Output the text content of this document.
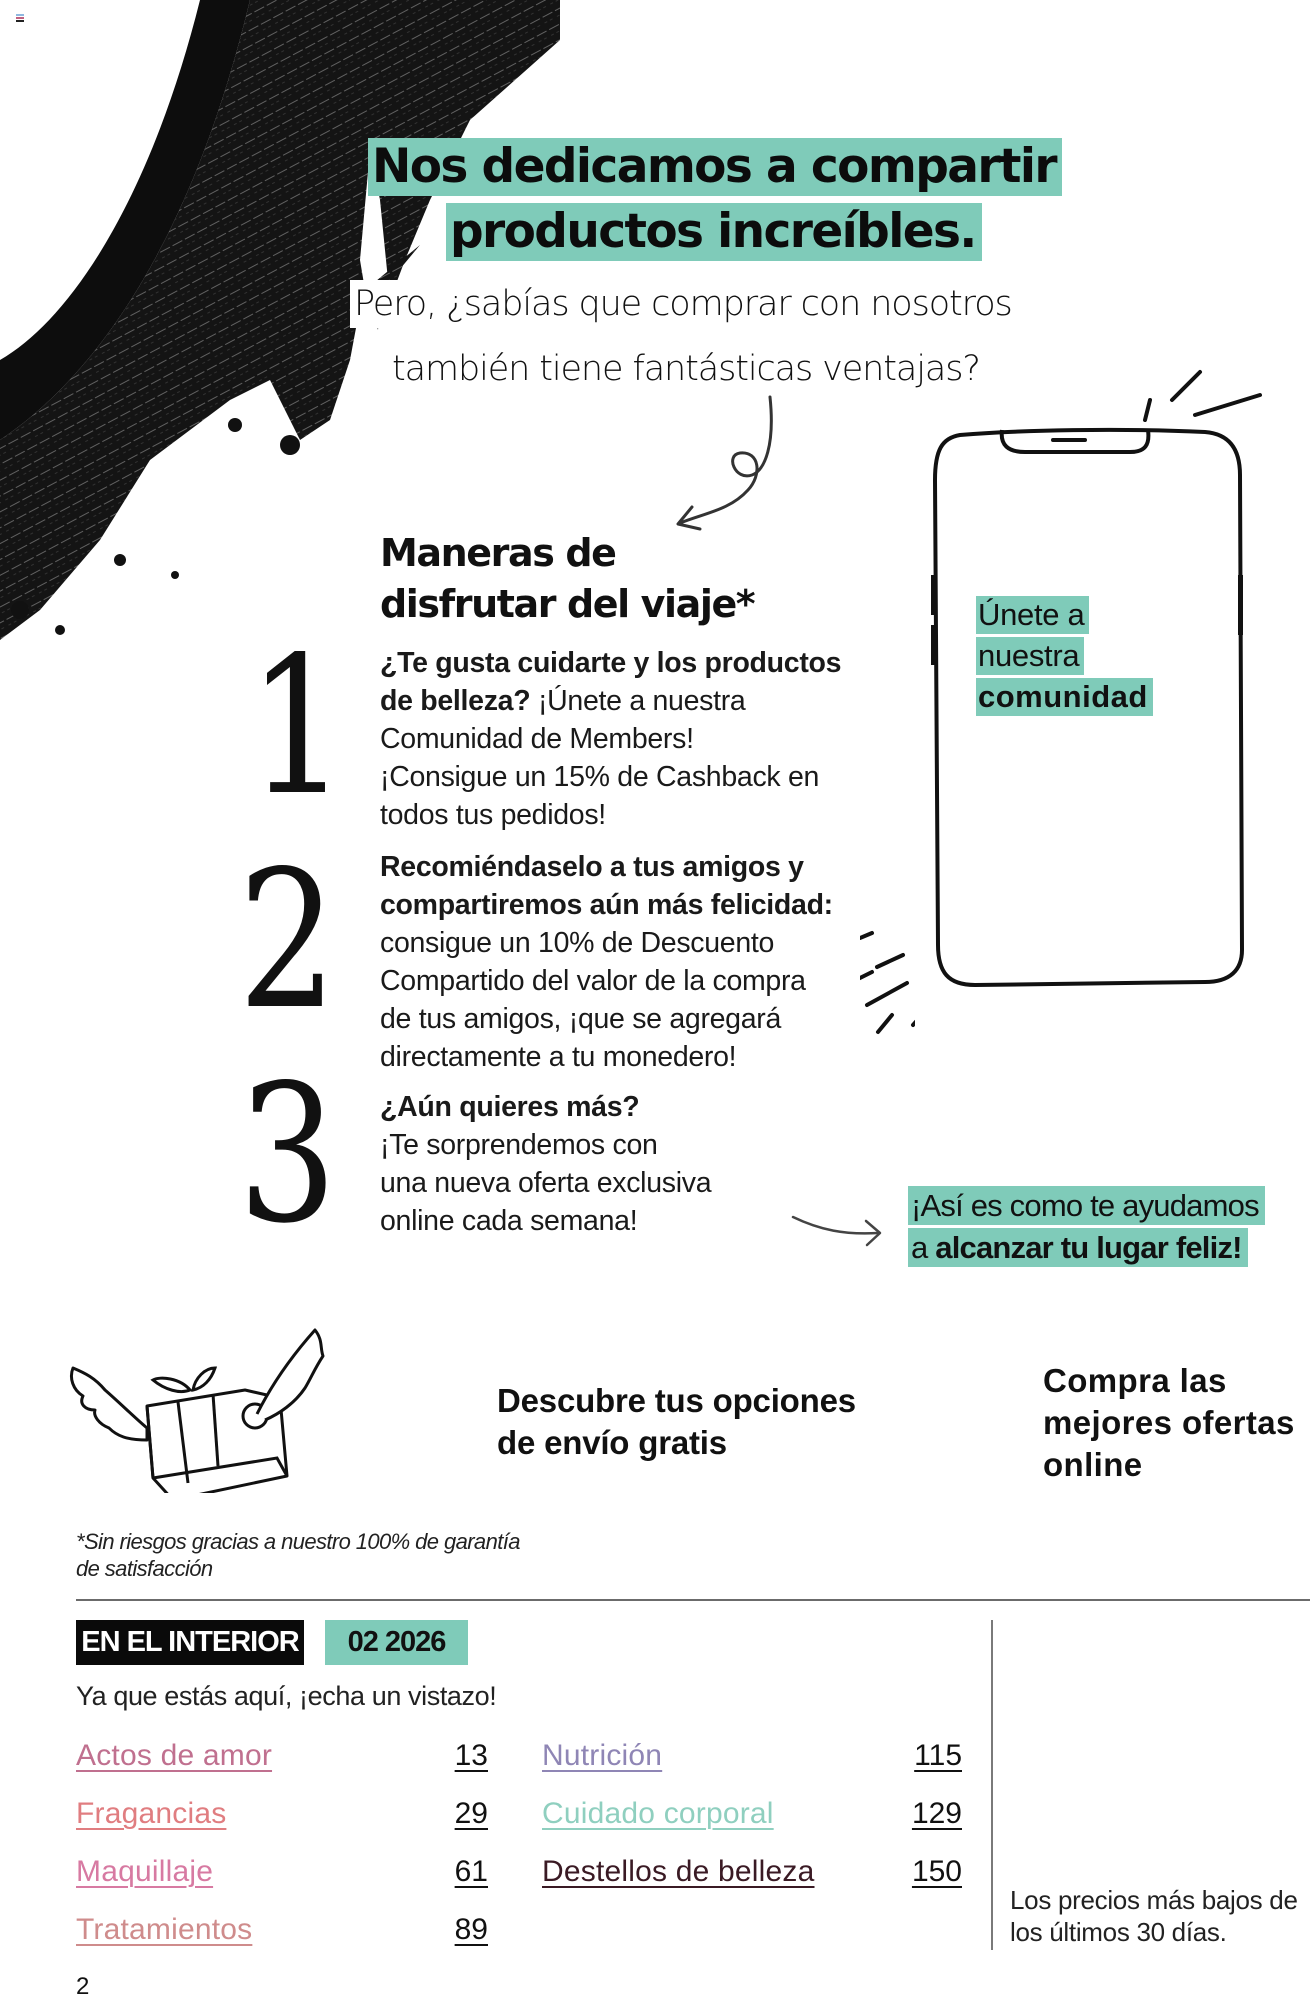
Nos dedicamos a compartir
productos increíbles.
Pero, ¿sabías que comprar con nosotros
también tiene fantásticas ventajas?
Maneras de
disfrutar del viaje*
1
2
3
¿Te gusta cuidarte y los productos
de belleza? ¡Únete a nuestra
Comunidad de Members!
¡Consigue un 15% de Cashback en
todos tus pedidos!
Recomiéndaselo a tus amigos y
compartiremos aún más felicidad:
consigue un 10% de Descuento
Compartido del valor de la compra
de tus amigos, ¡que se agregará
directamente a tu monedero!
¿Aún quieres más?
¡Te sorprendemos con
una nueva oferta exclusiva
online cada semana!
Únete a
nuestra
comunidad
¡Así es como te ayudamos
a alcanzar tu lugar feliz!
Descubre tus opciones
de envío gratis
Compra las
mejores ofertas
online
*Sin riesgos gracias a nuestro 100% de garantía
de satisfacción
EN EL INTERIOR	02 2026
Ya que estás aquí, ¡echa un vistazo!
Actos de amor	13
Fragancias	29
Maquillaje	61
Tratamientos	89
Nutrición	115
Cuidado corporal	129
Destellos de belleza	150
Los precios más bajos de
los últimos 30 días.
2
